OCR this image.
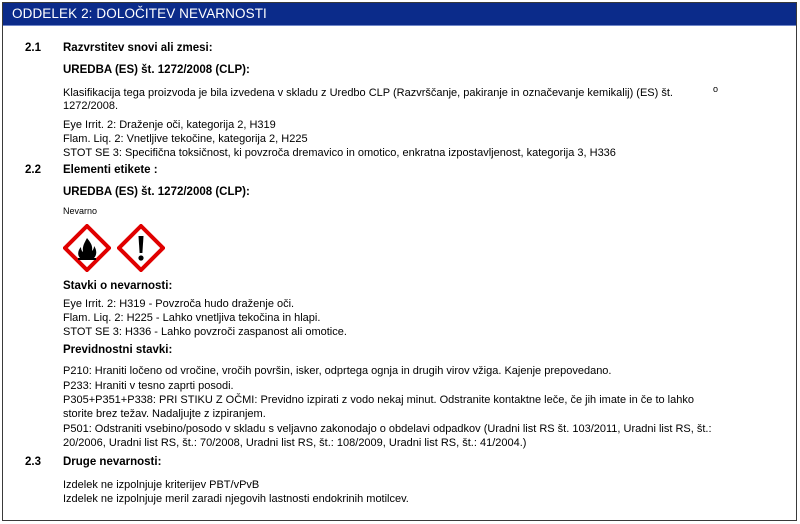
ODDELEK 2: DOLOČITEV NEVARNOSTI
2.1 Razvrstitev snovi ali zmesi:
UREDBA (ES) št. 1272/2008 (CLP):
Klasifikacija tega proizvoda je bila izvedena v skladu z Uredbo CLP (Razvrščanje, pakiranje in označevanje kemikalij) (ES) št.	o
1272/2008.
Eye Irrit. 2: Draženje oči, kategorija 2, H319
Flam. Liq. 2: Vnetljive tekočine, kategorija 2, H225
STOT SE 3: Specifična toksičnost, ki povzroča dremavico in omotico, enkratna izpostavljenost, kategorija 3, H336
2.2 Elementi etikete :
UREDBA (ES) št. 1272/2008 (CLP):
Nevarno
Stavki o nevarnosti:
Eye Irrit. 2: H319 - Povzroča hudo draženje oči.
Flam. Liq. 2: H225 - Lahko vnetljiva tekočina in hlapi.
STOT SE 3: H336 - Lahko povzroči zaspanost ali omotice.
Previdnostni stavki:
P210: Hraniti ločeno od vročine, vročih površin, isker, odprtega ognja in drugih virov vžiga. Kajenje prepovedano.
P233: Hraniti v tesno zaprti posodi.
P305+P351+P338: PRI STIKU Z OČMI: Previdno izpirati z vodo nekaj minut. Odstranite kontaktne leče, če jih imate in če to lahko
storite brez težav. Nadaljujte z izpiranjem.
P501: Odstraniti vsebino/posodo v skladu s veljavno zakonodajo o obdelavi odpadkov (Uradni list RS št. 103/2011, Uradni list RS, št.:
20/2006, Uradni list RS, št.: 70/2008, Uradni list RS, št.: 108/2009, Uradni list RS, št.: 41/2004.)
2.3 Druge nevarnosti:
Izdelek ne izpolnjuje kriterijev PBT/vPvB
Izdelek ne izpolnjuje meril zaradi njegovih lastnosti endokrinih motilcev.
